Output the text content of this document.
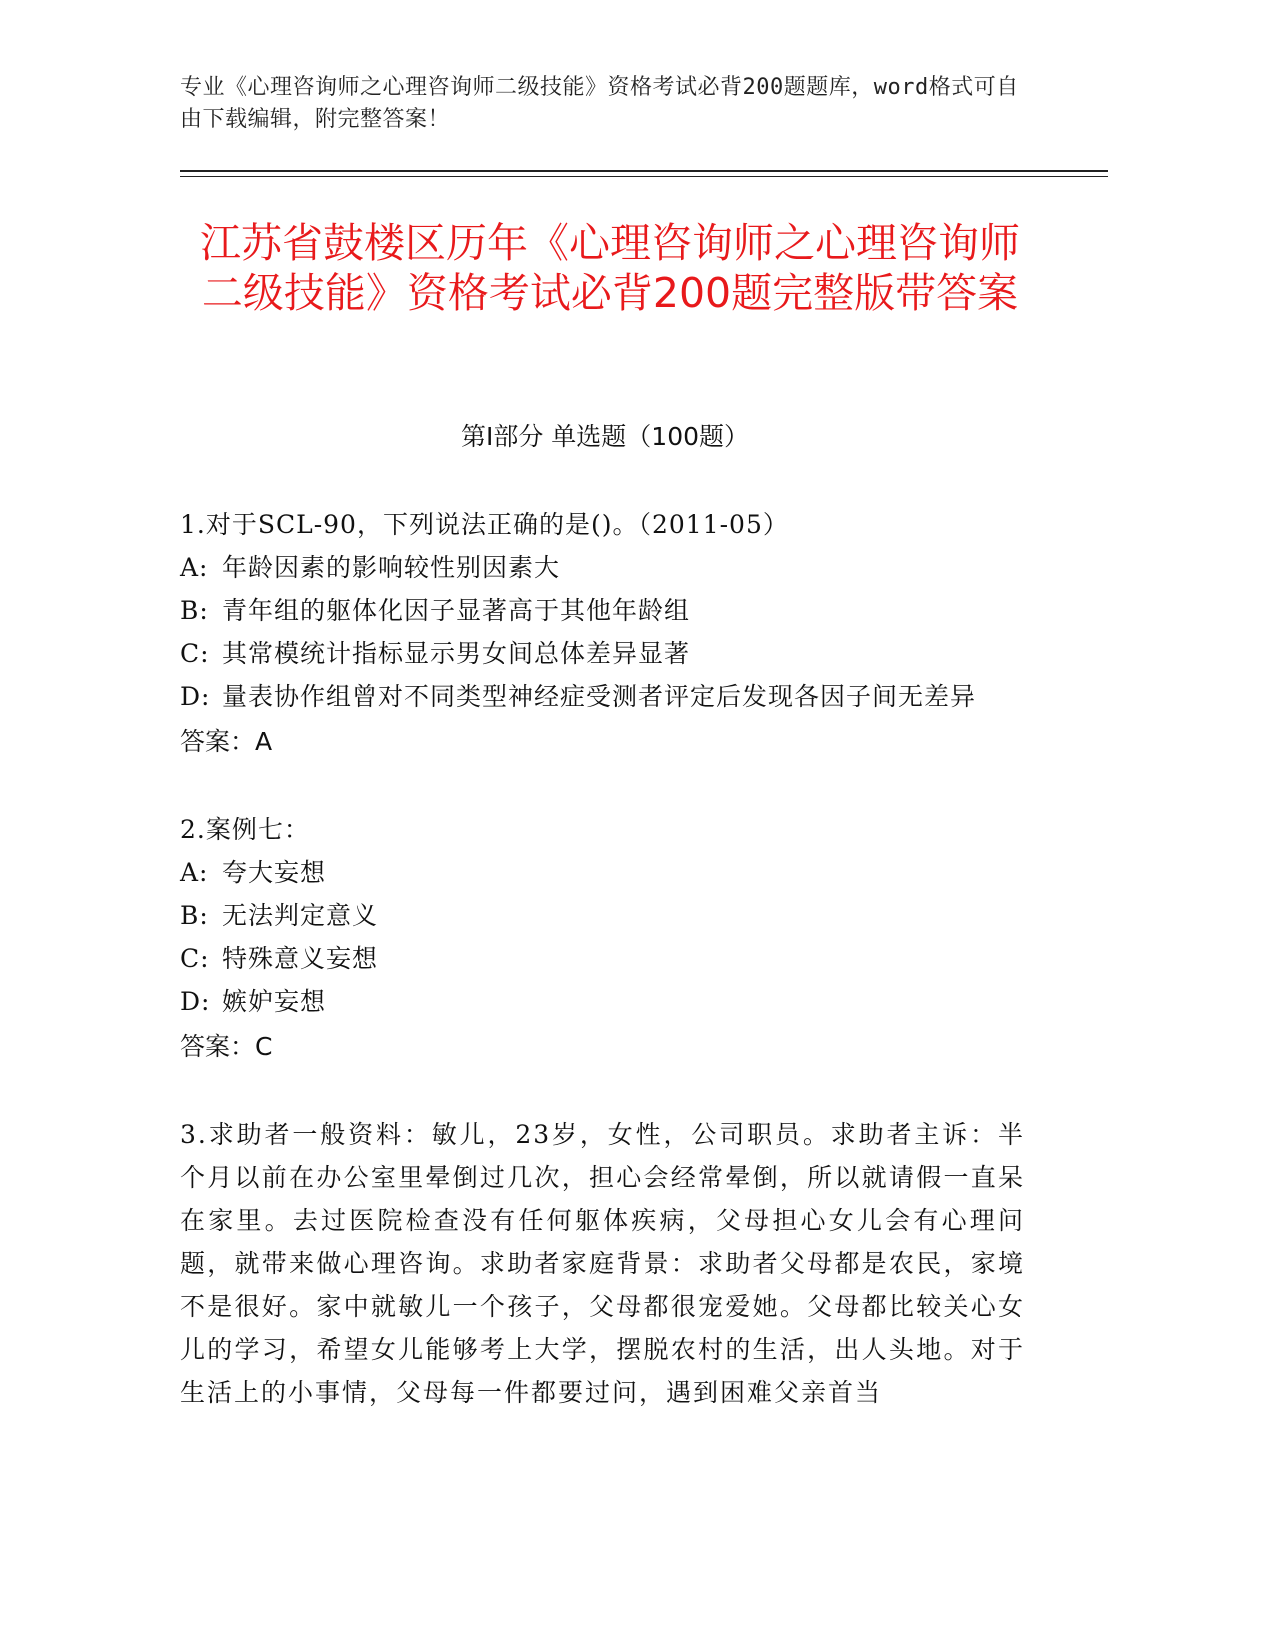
专业《心理咨询师之心理咨询师二级技能》资格考试必背200题题库，word格式可自由下载编辑，附完整答案！
江苏省鼓楼区历年《心理咨询师之心理咨询师二级技能》资格考试必背200题完整版带答案
第Ⅰ部分 单选题（100题）
1.对于SCL-90，下列说法正确的是()。（2011-05）
A: 年龄因素的影响较性别因素大
B: 青年组的躯体化因子显著高于其他年龄组
C: 其常模统计指标显示男女间总体差异显著
D: 量表协作组曾对不同类型神经症受测者评定后发现各因子间无差异
答案：A
2.案例七：
A: 夸大妄想
B: 无法判定意义
C: 特殊意义妄想
D: 嫉妒妄想
答案：C
3.求助者一般资料：敏儿，23岁，女性，公司职员。求助者主诉：半个月以前在办公室里晕倒过几次，担心会经常晕倒，所以就请假一直呆在家里。去过医院检查没有任何躯体疾病，父母担心女儿会有心理问题，就带来做心理咨询。求助者家庭背景：求助者父母都是农民，家境不是很好。家中就敏儿一个孩子，父母都很宠爱她。父母都比较关心女儿的学习，希望女儿能够考上大学，摆脱农村的生活，出人头地。对于生活上的小事情，父母每一件都要过问，遇到困难父亲首当
